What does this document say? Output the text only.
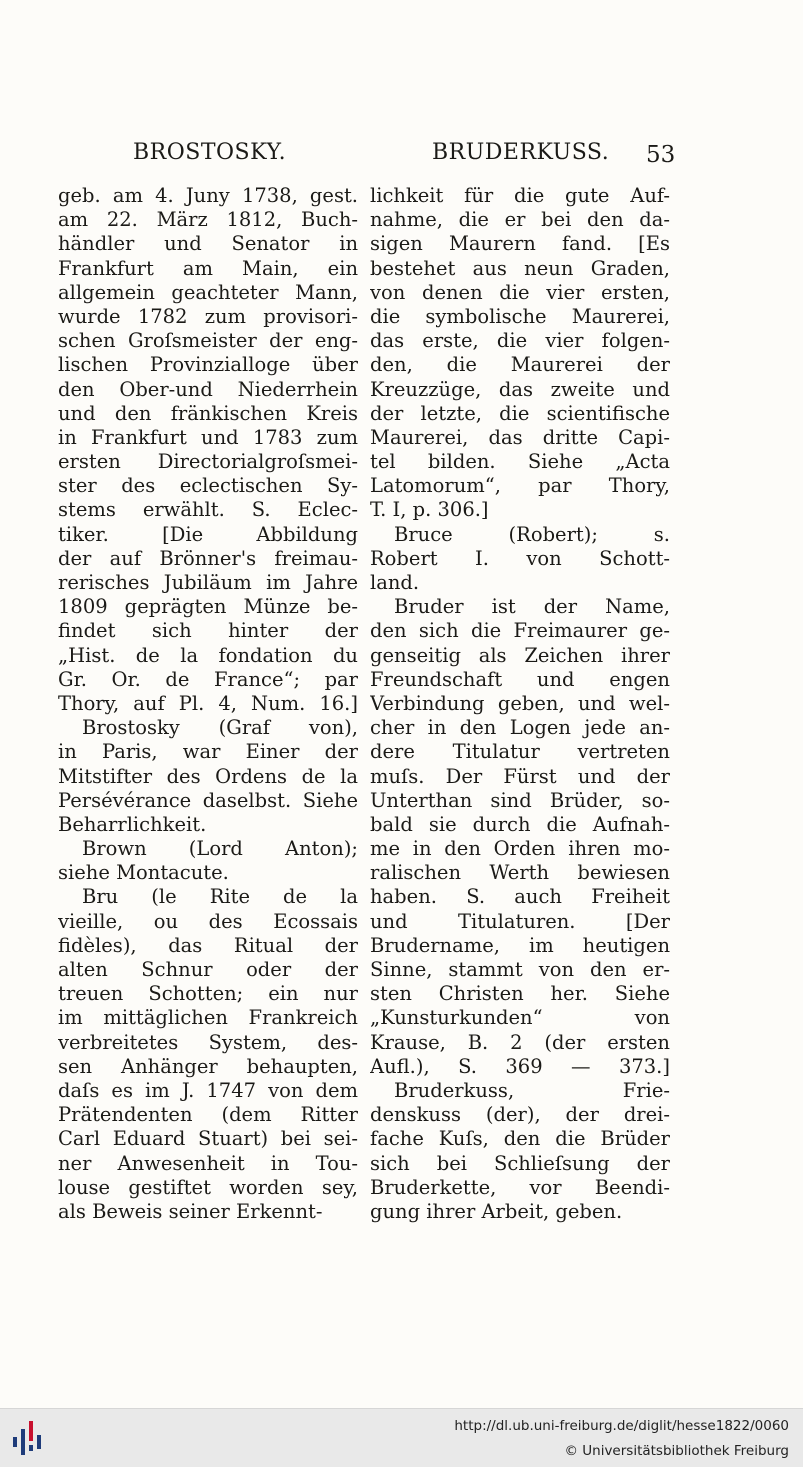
BROSTOSKY.	BRUDERKUSS. 53
geb. am 4. Juny 1738, gest.
am 22. März 1812, Buch-
händler und Senator in
Frankfurt am Main, ein
allgemein geachteter Mann,
wurde 1782 zum provisori-
schen Groſsmeister der eng-
lischen Provinzialloge über
den Ober-und Niederrhein
und den fränkischen Kreis
in Frankfurt und 1783 zum
ersten Directorialgroſsmei-
ster des eclectischen Sy-
stems erwählt. S. Eclec-
tiker. [Die Abbildung
der auf Brönner's freimau-
rerisches Jubiläum im Jahre
1809 geprägten Münze be-
findet sich hinter der
„Hist. de la fondation du
Gr. Or. de France“; par
Thory, auf Pl. 4, Num. 16.]
Brostosky (Graf von),
in Paris, war Einer der
Mitstifter des Ordens de la
Persévérance daselbst. Siehe
Beharrlichkeit.
Brown (Lord Anton);
siehe Montacute.
Bru (le Rite de la
vieille, ou des Ecossais
fidèles), das Ritual der
alten Schnur oder der
treuen Schotten; ein nur
im mittäglichen Frankreich
verbreitetes System, des-
sen Anhänger behaupten,
daſs es im J. 1747 von dem
Prätendenten (dem Ritter
Carl Eduard Stuart) bei sei-
ner Anwesenheit in Tou-
louse gestiftet worden sey,
als Beweis seiner Erkennt-
lichkeit für die gute Auf-
nahme, die er bei den da-
sigen Maurern fand. [Es
bestehet aus neun Graden,
von denen die vier ersten,
die symbolische Maurerei,
das erste, die vier folgen-
den, die Maurerei der
Kreuzzüge, das zweite und
der letzte, die scientifische
Maurerei, das dritte Capi-
tel bilden. Siehe „Acta
Latomorum“, par Thory,
T. I, p. 306.]
Bruce (Robert); s.
Robert I. von Schott-
land.
Bruder ist der Name,
den sich die Freimaurer ge-
genseitig als Zeichen ihrer
Freundschaft und engen
Verbindung geben, und wel-
cher in den Logen jede an-
dere Titulatur vertreten
muſs. Der Fürst und der
Unterthan sind Brüder, so-
bald sie durch die Aufnah-
me in den Orden ihren mo-
ralischen Werth bewiesen
haben. S. auch Freiheit
und Titulaturen. [Der
Brudername, im heutigen
Sinne, stammt von den er-
sten Christen her. Siehe
„Kunsturkunden“ von
Krause, B. 2 (der ersten
Aufl.), S. 369 — 373.]
Bruderkuss, Frie-
denskuss (der), der drei-
fache Kuſs, den die Brüder
sich bei Schlieſsung der
Bruderkette, vor Beendi-
gung ihrer Arbeit, geben.
http://dl.ub.uni-freiburg.de/diglit/hesse1822/0060
© Universitätsbibliothek Freiburg
